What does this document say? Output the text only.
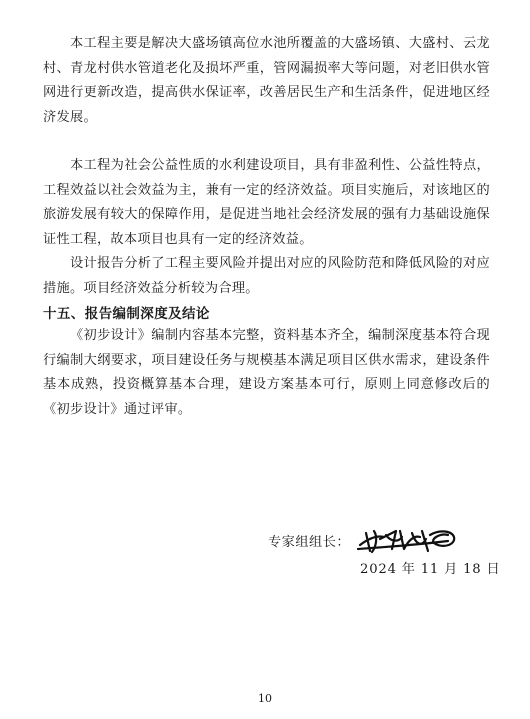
本工程主要是解决大盛场镇高位水池所覆盖的大盛场镇、大盛村、云龙村、青龙村供水管道老化及损坏严重，管网漏损率大等问题，对老旧供水管网进行更新改造，提高供水保证率，改善居民生产和生活条件，促进地区经济发展。

本工程为社会公益性质的水利建设项目，具有非盈利性、公益性特点，工程效益以社会效益为主，兼有一定的经济效益。项目实施后，对该地区的旅游发展有较大的保障作用，是促进当地社会经济发展的强有力基础设施保证性工程，故本项目也具有一定的经济效益。

设计报告分析了工程主要风险并提出对应的风险防范和降低风险的对应措施。项目经济效益分析较为合理。

十五、报告编制深度及结论

《初步设计》编制内容基本完整，资料基本齐全，编制深度基本符合现行编制大纲要求，项目建设任务与规模基本满足项目区供水需求，建设条件基本成熟，投资概算基本合理，建设方案基本可行，原则上同意修改后的《初步设计》通过评审。

专家组组长：
2024 年 11 月 18 日
10
